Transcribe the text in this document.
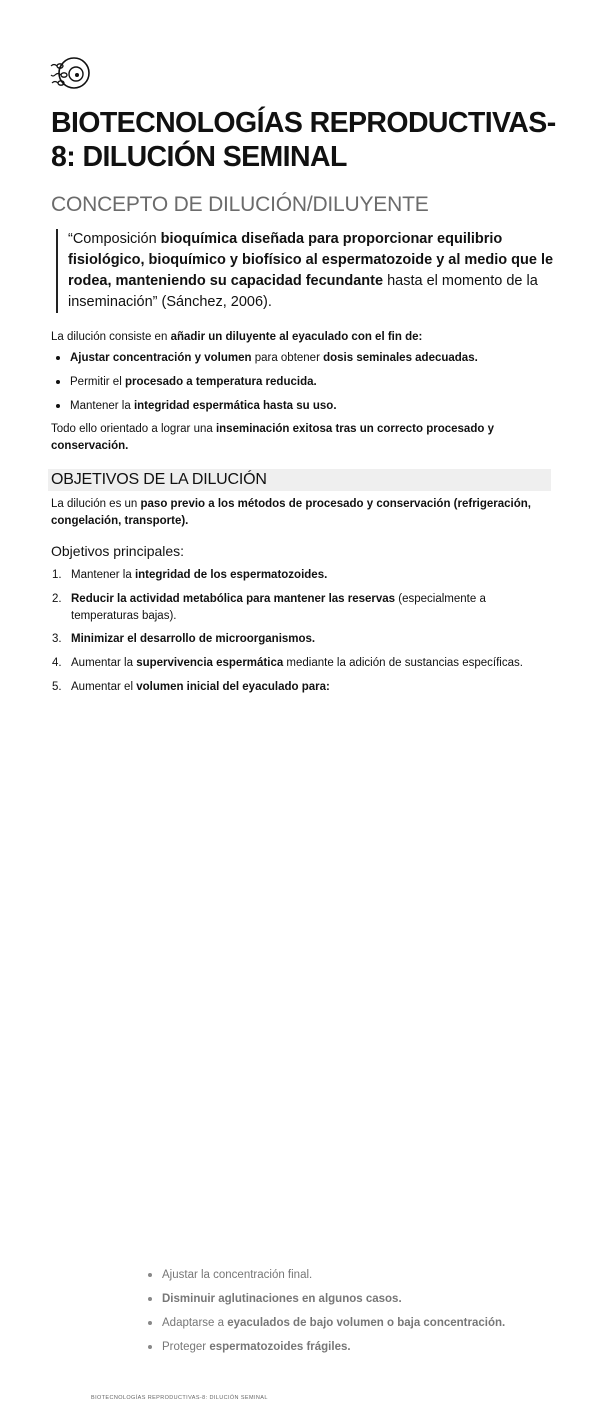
BIOTECNOLOGÍAS REPRODUCTIVAS-8: DILUCIÓN SEMINAL
CONCEPTO DE DILUCIÓN/DILUYENTE
“Composición bioquímica diseñada para proporcionar equilibrio fisiológico, bioquímico y biofísico al espermatozoide y al medio que le rodea, manteniendo su capacidad fecundante hasta el momento de la inseminación” (Sánchez, 2006).
La dilución consiste en añadir un diluyente al eyaculado con el fin de:
Ajustar concentración y volumen para obtener dosis seminales adecuadas.
Permitir el procesado a temperatura reducida.
Mantener la integridad espermática hasta su uso.
Todo ello orientado a lograr una inseminación exitosa tras un correcto procesado y conservación.
OBJETIVOS DE LA DILUCIÓN
La dilución es un paso previo a los métodos de procesado y conservación (refrigeración, congelación, transporte).
Objetivos principales:
1. Mantener la integridad de los espermatozoides.
2. Reducir la actividad metabólica para mantener las reservas (especialmente a temperaturas bajas).
3. Minimizar el desarrollo de microorganismos.
4. Aumentar la supervivencia espermática mediante la adición de sustancias específicas.
5. Aumentar el volumen inicial del eyaculado para:
Ajustar la concentración final.
Disminuir aglutinaciones en algunos casos.
Adaptarse a eyaculados de bajo volumen o baja concentración.
Proteger espermatozoides frágiles.
BIOTECNOLOGÍAS REPRODUCTIVAS-8: DILUCIÓN SEMINAL
